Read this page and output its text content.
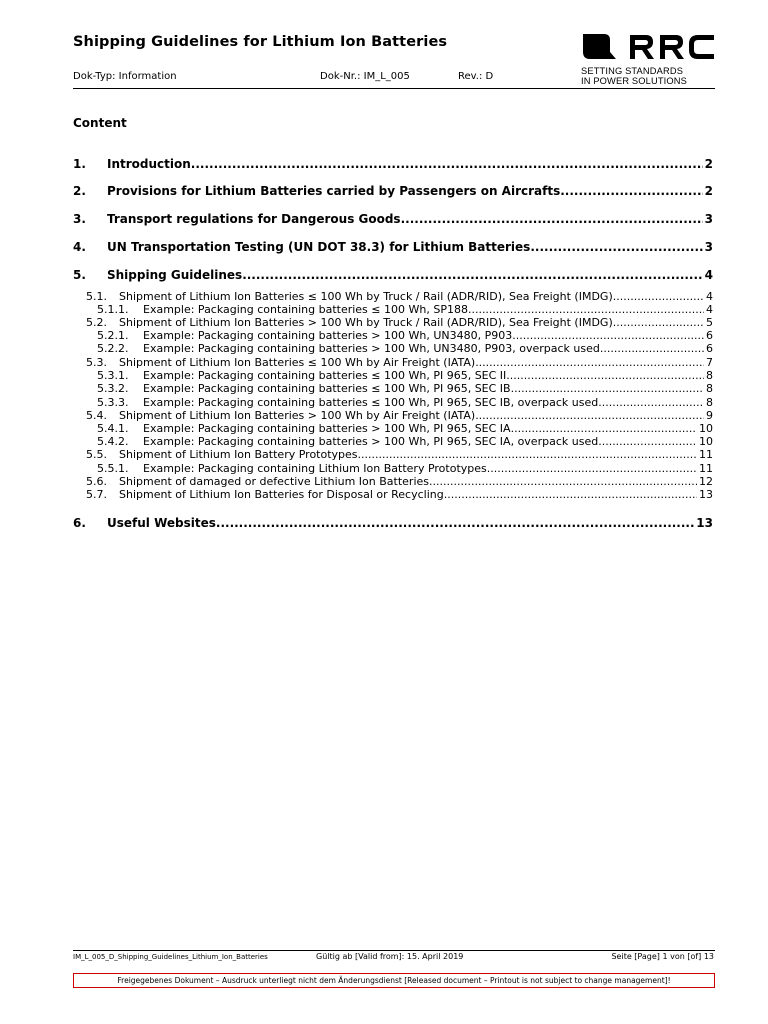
Shipping Guidelines for Lithium Ion Batteries
SETTING STANDARDS
IN POWER SOLUTIONS
Dok-Typ: Information	Dok-Nr.: IM_L_005	Rev.: D
Content
1.	Introduction .....	2
2.	Provisions for Lithium Batteries carried by Passengers on Aircrafts .....	2
3.	Transport regulations for Dangerous Goods .....	3
4.	UN Transportation Testing (UN DOT 38.3) for Lithium Batteries .....	3
5.	Shipping Guidelines .....	4
5.1.	Shipment of Lithium Ion Batteries ≤ 100 Wh by Truck / Rail (ADR/RID), Sea Freight (IMDG) .....	4
5.1.1.	Example: Packaging containing batteries ≤ 100 Wh, SP188 .....	4
5.2.	Shipment of Lithium Ion Batteries > 100 Wh by Truck / Rail (ADR/RID), Sea Freight (IMDG) .....	5
5.2.1.	Example: Packaging containing batteries > 100 Wh, UN3480, P903 .....	6
5.2.2.	Example: Packaging containing batteries > 100 Wh, UN3480, P903, overpack used .....	6
5.3.	Shipment of Lithium Ion Batteries ≤ 100 Wh by Air Freight (IATA) .....	7
5.3.1.	Example: Packaging containing batteries ≤ 100 Wh, PI 965, SEC II .....	8
5.3.2.	Example: Packaging containing batteries ≤ 100 Wh, PI 965, SEC IB .....	8
5.3.3.	Example: Packaging containing batteries ≤ 100 Wh, PI 965, SEC IB, overpack used .....	8
5.4.	Shipment of Lithium Ion Batteries > 100 Wh by Air Freight (IATA) .....	9
5.4.1.	Example: Packaging containing batteries > 100 Wh, PI 965, SEC IA .....	10
5.4.2.	Example: Packaging containing batteries > 100 Wh, PI 965, SEC IA, overpack used .....	10
5.5.	Shipment of Lithium Ion Battery Prototypes .....	11
5.5.1.	Example: Packaging containing Lithium Ion Battery Prototypes .....	11
5.6.	Shipment of damaged or defective Lithium Ion Batteries .....	12
5.7.	Shipment of Lithium Ion Batteries for Disposal or Recycling .....	13
6.	Useful Websites .....	13
IM_L_005_D_Shipping_Guidelines_Lithium_Ion_Batteries	Gültig ab [Valid from]: 15. April 2019	Seite [Page] 1 von [of] 13
Freigegebenes Dokument – Ausdruck unterliegt nicht dem Änderungsdienst [Released document – Printout is not subject to change management]!
